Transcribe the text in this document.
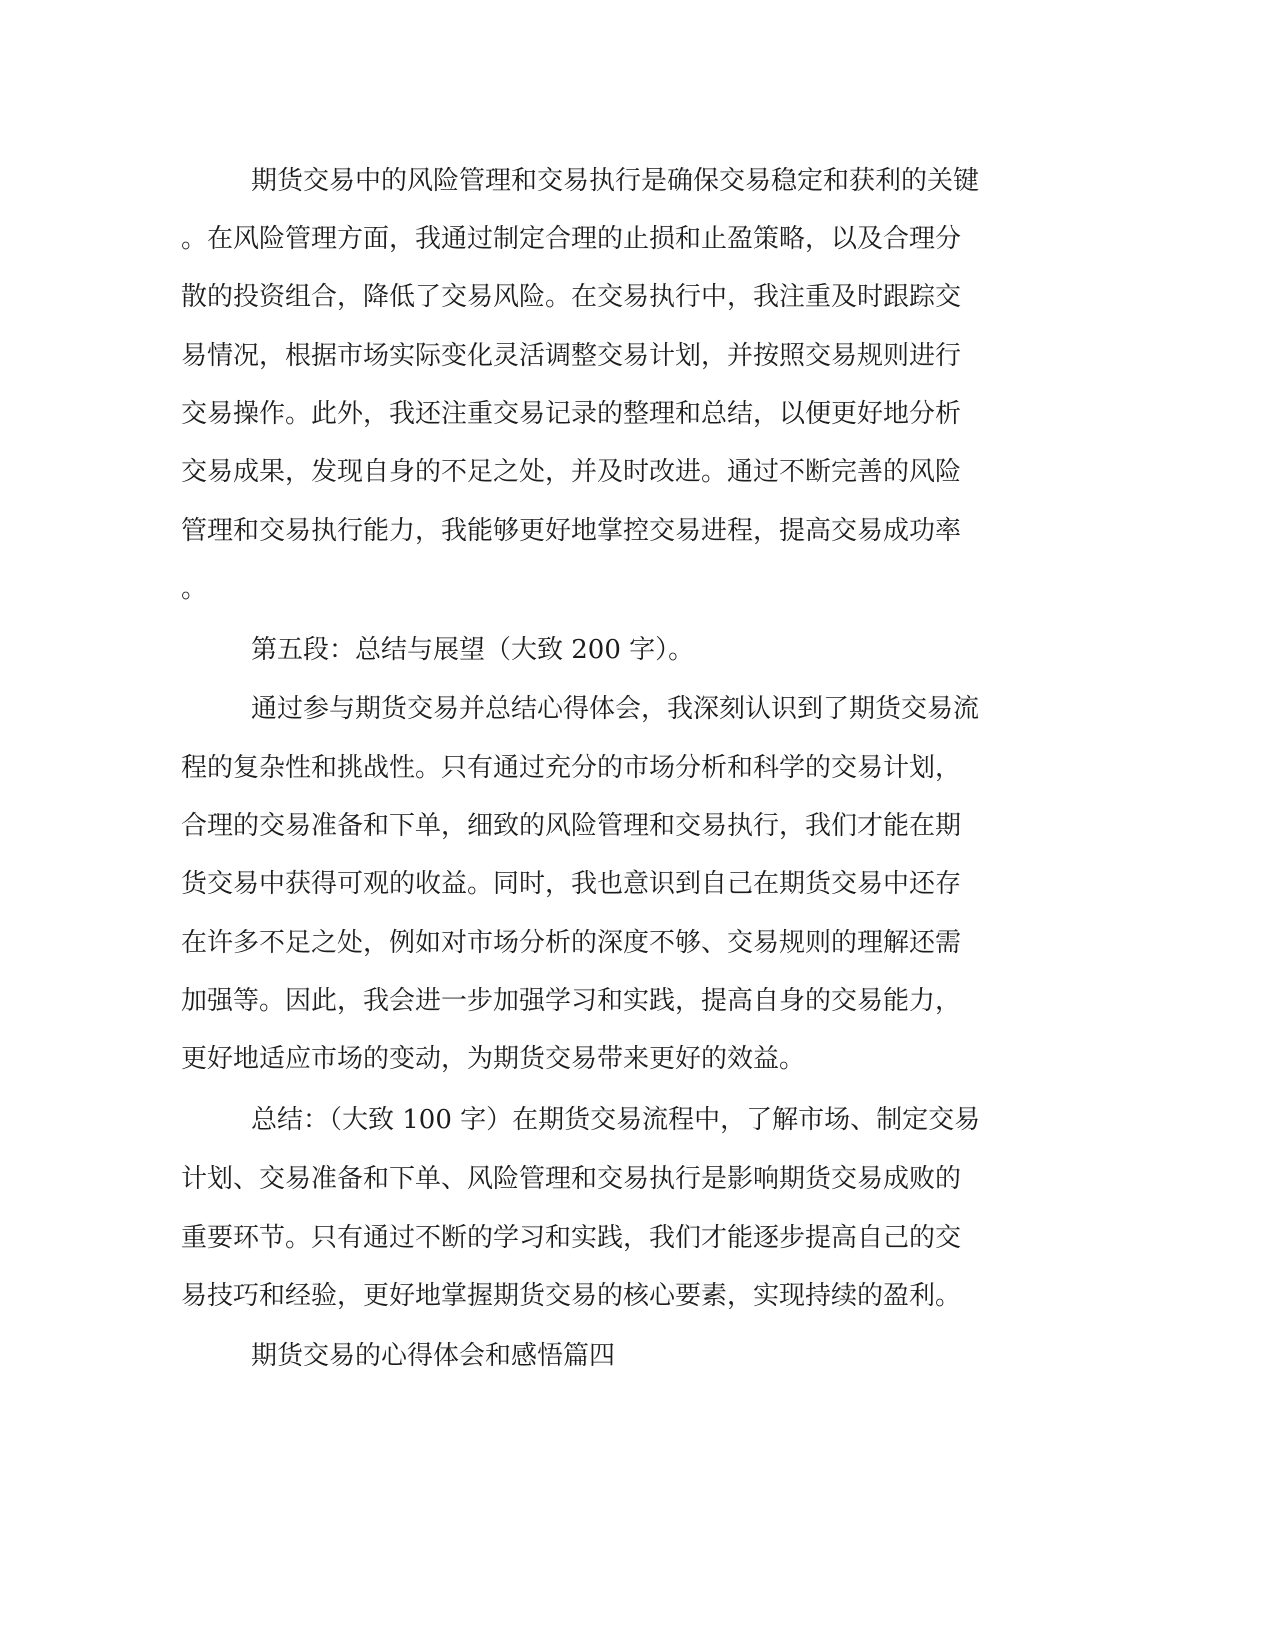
期货交易中的风险管理和交易执行是确保交易稳定和获利的关键
。在风险管理方面，我通过制定合理的止损和止盈策略，以及合理分
散的投资组合，降低了交易风险。在交易执行中，我注重及时跟踪交
易情况，根据市场实际变化灵活调整交易计划，并按照交易规则进行
交易操作。此外，我还注重交易记录的整理和总结，以便更好地分析
交易成果，发现自身的不足之处，并及时改进。通过不断完善的风险
管理和交易执行能力，我能够更好地掌控交易进程，提高交易成功率
。
第五段：总结与展望（大致 200 字）。
通过参与期货交易并总结心得体会，我深刻认识到了期货交易流
程的复杂性和挑战性。只有通过充分的市场分析和科学的交易计划，
合理的交易准备和下单，细致的风险管理和交易执行，我们才能在期
货交易中获得可观的收益。同时，我也意识到自己在期货交易中还存
在许多不足之处，例如对市场分析的深度不够、交易规则的理解还需
加强等。因此，我会进一步加强学习和实践，提高自身的交易能力，
更好地适应市场的变动，为期货交易带来更好的效益。
总结：（大致 100 字）在期货交易流程中，了解市场、制定交易
计划、交易准备和下单、风险管理和交易执行是影响期货交易成败的
重要环节。只有通过不断的学习和实践，我们才能逐步提高自己的交
易技巧和经验，更好地掌握期货交易的核心要素，实现持续的盈利。
期货交易的心得体会和感悟篇四
